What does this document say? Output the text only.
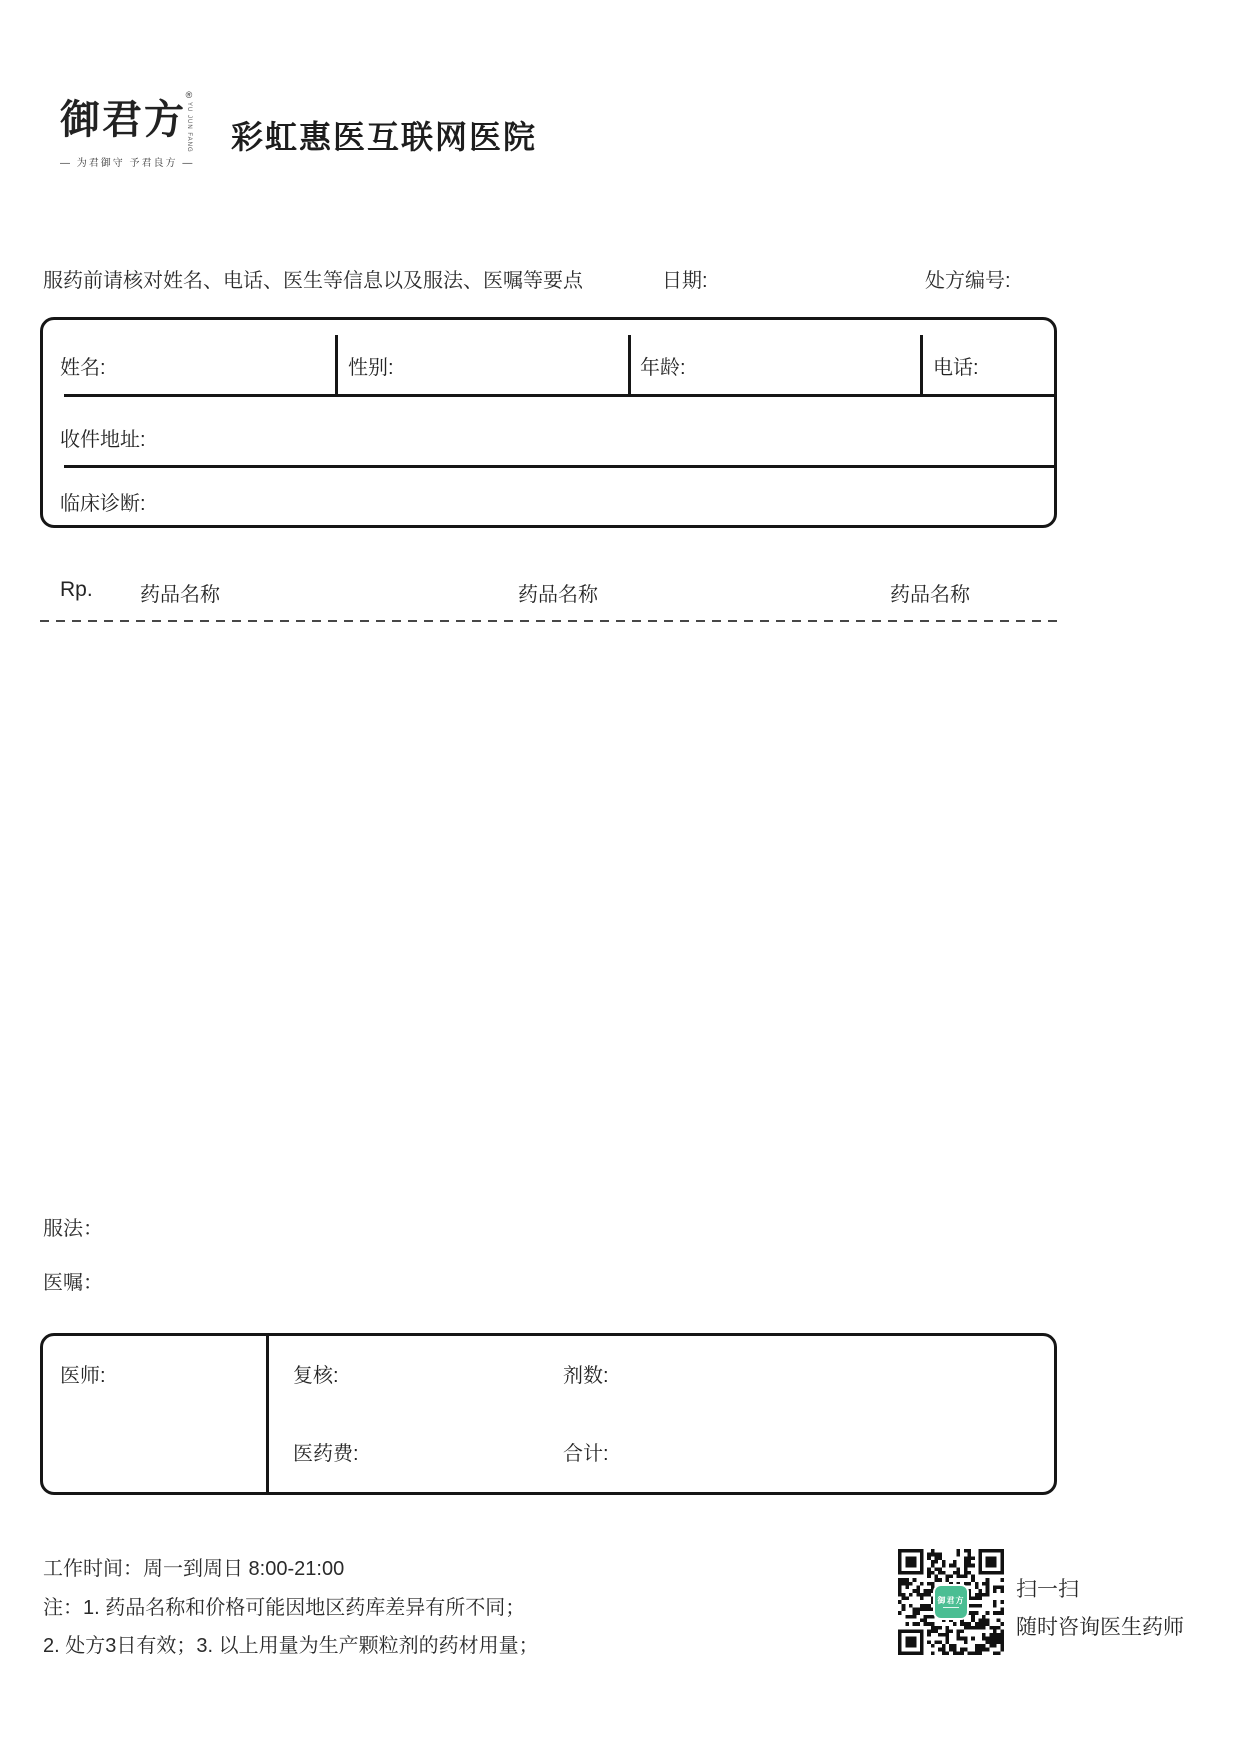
御君方
®
YU JUN FANG
— 为君御守 予君良方 —
彩虹惠医互联网医院
服药前请核对姓名、电话、医生等信息以及服法、医嘱等要点	日期:	处方编号:
姓名:	性别:	年龄:	电话:
收件地址:
临床诊断:
Rp. 药品名称	药品名称	药品名称
服法：
医嘱：
医师:	复核:	剂数:
医药费:	合计:
工作时间：周一到周日 8:00-21:00
注：1. 药品名称和价格可能因地区药库差异有所不同；
2. 处方3日有效；3. 以上用量为生产颗粒剂的药材用量；
御君方 扫一扫
随时咨询医生药师
